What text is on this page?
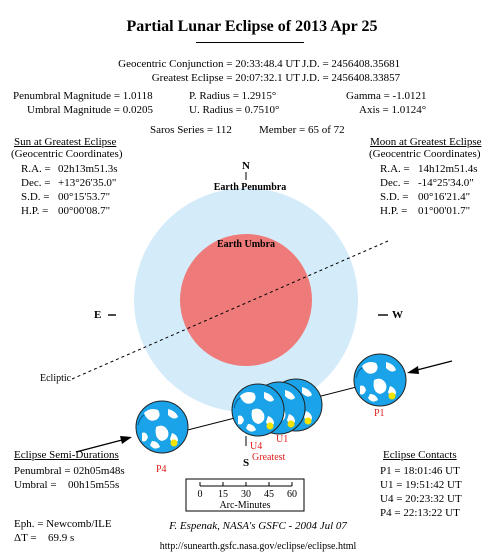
Partial Lunar Eclipse of 2013 Apr 25
Geocentric Conjunction = 20:33:48.4 UT J.D. = 2456408.35681
Greatest Eclipse = 20:07:32.1 UT J.D. = 2456408.33857
Penumbral Magnitude = 1.0118	P. Radius = 1.2915°	Gamma = -1.0121
Umbral Magnitude = 0.0205	U. Radius = 0.7510°	Axis = 1.0124°
Saros Series = 112 Member = 65 of 72
Sun at Greatest Eclipse
(Geocentric Coordinates)
R.A. = 02h13m51.3s
Dec. = +13°26'35.0"
S.D. = 00°15'53.7"
H.P. = 00°00'08.7"
Moon at Greatest Eclipse
(Geocentric Coordinates)
R.A. = 14h12m51.4s
Dec. = -14°25'34.0"
S.D. = 00°16'21.4"
H.P. = 01°00'01.7"
N
Earth Penumbra
Earth Umbra
E	W
Ecliptic
S
P1
U1
U4
Greatest
P4
Eclipse Semi-Durations
Penumbral = 02h05m48s
Umbral = 00h15m55s
Eclipse Contacts
P1 = 18:01:46 UT
U1 = 19:51:42 UT
U4 = 20:23:32 UT
P4 = 22:13:22 UT
0 15 30 45 60
Arc-Minutes
Eph. = Newcomb/ILE
ΔT = 69.9 s
F. Espenak, NASA's GSFC - 2004 Jul 07
http://sunearth.gsfc.nasa.gov/eclipse/eclipse.html
